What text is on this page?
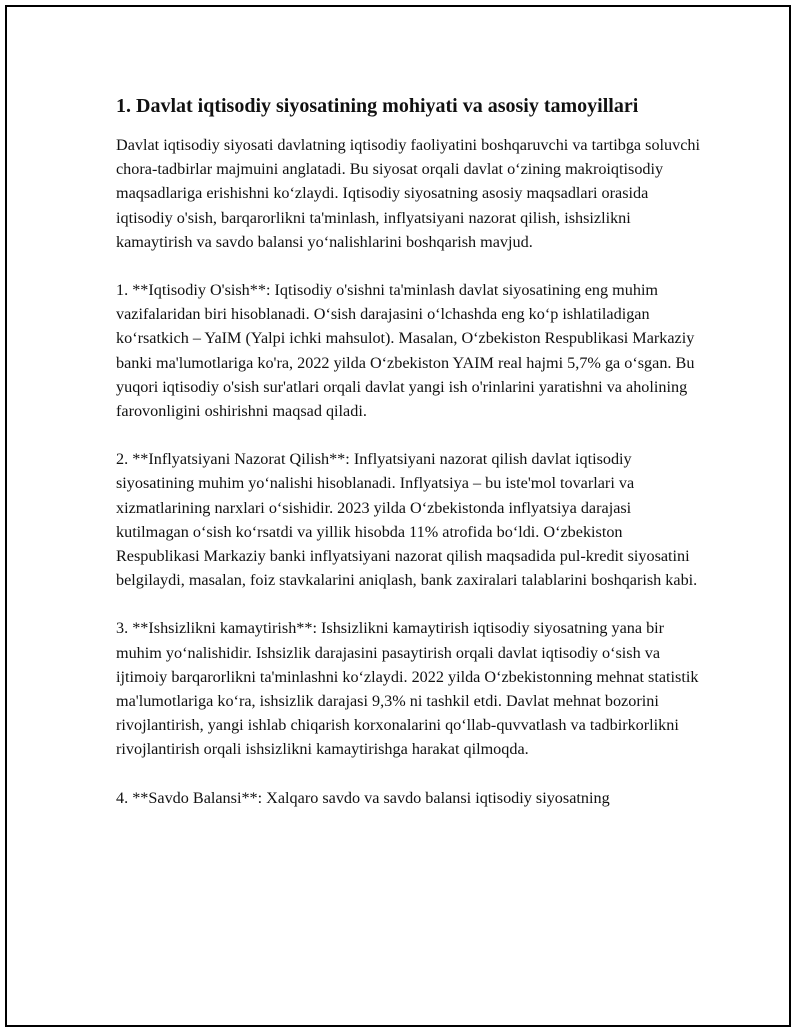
1. Davlat iqtisodiy siyosatining mohiyati va asosiy tamoyillari

Davlat iqtisodiy siyosati davlatning iqtisodiy faoliyatini boshqaruvchi va tartibga soluvchi chora-tadbirlar majmuini anglatadi. Bu siyosat orqali davlat o‘zining makroiqtisodiy maqsadlariga erishishni ko‘zlaydi. Iqtisodiy siyosatning asosiy maqsadlari orasida iqtisodiy o'sish, barqarorlikni ta'minlash, inflyatsiyani nazorat qilish, ishsizlikni kamaytirish va savdo balansi yo‘nalishlarini boshqarish mavjud.

1. **Iqtisodiy O'sish**: Iqtisodiy o'sishni ta'minlash davlat siyosatining eng muhim vazifalaridan biri hisoblanadi. O‘sish darajasini o‘lchashda eng ko‘p ishlatiladigan ko‘rsatkich – YaIM (Yalpi ichki mahsulot). Masalan, O‘zbekiston Respublikasi Markaziy banki ma'lumotlariga ko'ra, 2022 yilda O‘zbekiston YAIM real hajmi 5,7% ga o‘sgan. Bu yuqori iqtisodiy o'sish sur'atlari orqali davlat yangi ish o'rinlarini yaratishni va aholining farovonligini oshirishni maqsad qiladi.

2. **Inflyatsiyani Nazorat Qilish**: Inflyatsiyani nazorat qilish davlat iqtisodiy siyosatining muhim yo‘nalishi hisoblanadi. Inflyatsiya – bu iste'mol tovarlari va xizmatlarining narxlari o‘sishidir. 2023 yilda O‘zbekistonda inflyatsiya darajasi kutilmagan o‘sish ko‘rsatdi va yillik hisobda 11% atrofida bo‘ldi. O‘zbekiston Respublikasi Markaziy banki inflyatsiyani nazorat qilish maqsadida pul-kredit siyosatini belgilaydi, masalan, foiz stavkalarini aniqlash, bank zaxiralari talablarini boshqarish kabi.

3. **Ishsizlikni kamaytirish**: Ishsizlikni kamaytirish iqtisodiy siyosatning yana bir muhim yo‘nalishidir. Ishsizlik darajasini pasaytirish orqali davlat iqtisodiy o‘sish va ijtimoiy barqarorlikni ta'minlashni ko‘zlaydi. 2022 yilda O‘zbekistonning mehnat statistik ma'lumotlariga ko‘ra, ishsizlik darajasi 9,3% ni tashkil etdi. Davlat mehnat bozorini rivojlantirish, yangi ishlab chiqarish korxonalarini qo‘llab-quvvatlash va tadbirkorlikni rivojlantirish orqali ishsizlikni kamaytirishga harakat qilmoqda.

4. **Savdo Balansi**: Xalqaro savdo va savdo balansi iqtisodiy siyosatning
